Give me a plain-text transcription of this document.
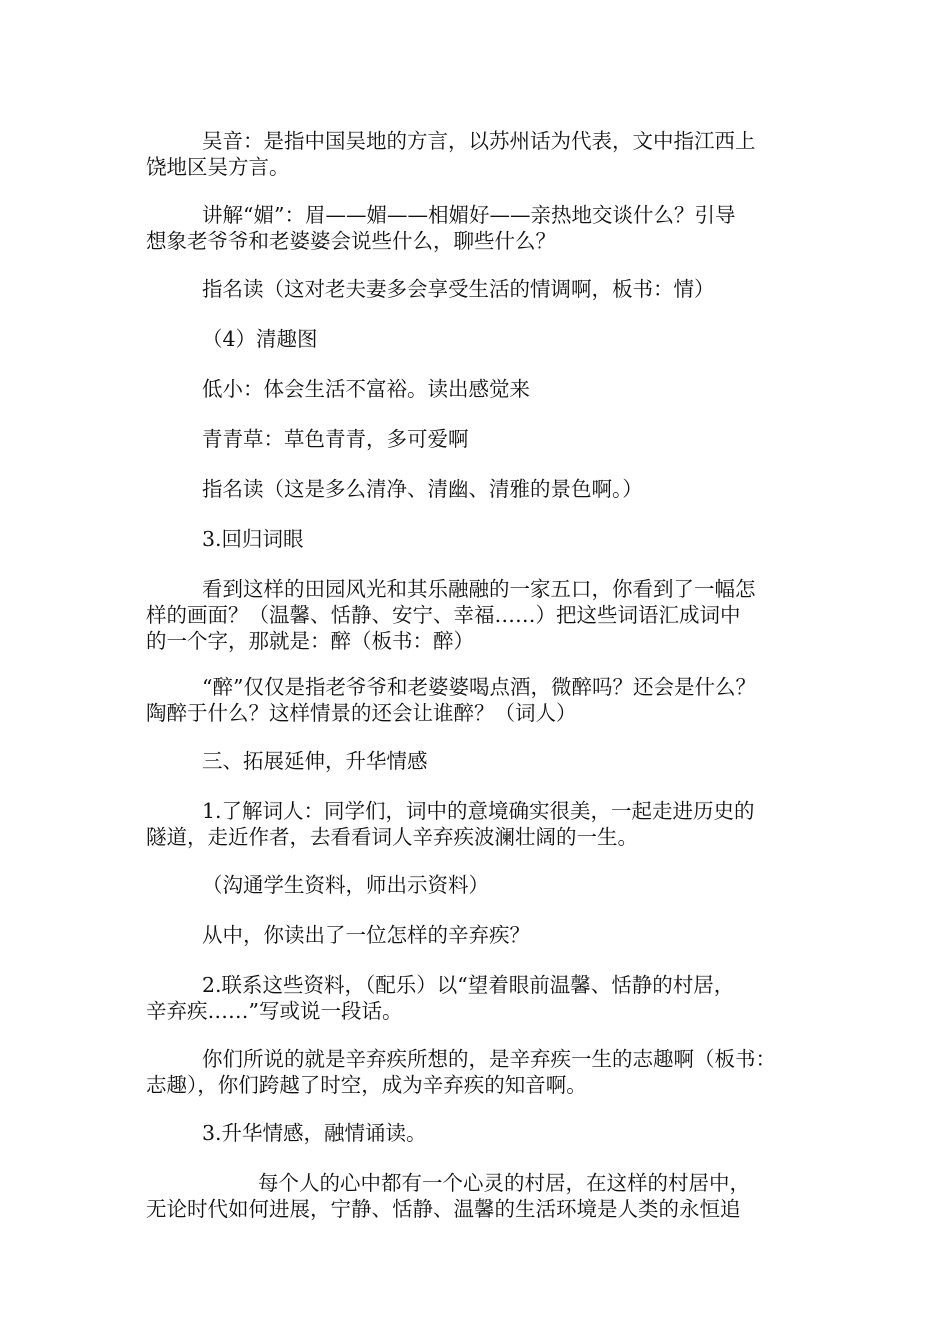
吴音：是指中国吴地的方言，以苏州话为代表，文中指江西上
饶地区吴方言。

讲解“媚”：眉——媚——相媚好——亲热地交谈什么？引导
想象老爷爷和老婆婆会说些什么，聊些什么？

指名读（这对老夫妻多会享受生活的情调啊，板书：情）

（4）清趣图

低小：体会生活不富裕。读出感觉来

青青草：草色青青，多可爱啊

指名读（这是多么清净、清幽、清雅的景色啊。）

3.回归词眼

看到这样的田园风光和其乐融融的一家五口，你看到了一幅怎
样的画面？（温馨、恬静、安宁、幸福……）把这些词语汇成词中
的一个字，那就是：醉（板书：醉）

“醉”仅仅是指老爷爷和老婆婆喝点酒，微醉吗？还会是什么？
陶醉于什么？这样情景的还会让谁醉？（词人）

三、拓展延伸，升华情感

1.了解词人：同学们，词中的意境确实很美，一起走进历史的
隧道，走近作者，去看看词人辛弃疾波澜壮阔的一生。

（沟通学生资料，师出示资料）

从中，你读出了一位怎样的辛弃疾？

2.联系这些资料，（配乐）以“望着眼前温馨、恬静的村居，
辛弃疾……”写或说一段话。

你们所说的就是辛弃疾所想的，是辛弃疾一生的志趣啊（板书：
志趣），你们跨越了时空，成为辛弃疾的知音啊。

3.升华情感，融情诵读。

每个人的心中都有一个心灵的村居，在这样的村居中，
无论时代如何进展，宁静、恬静、温馨的生活环境是人类的永恒追
